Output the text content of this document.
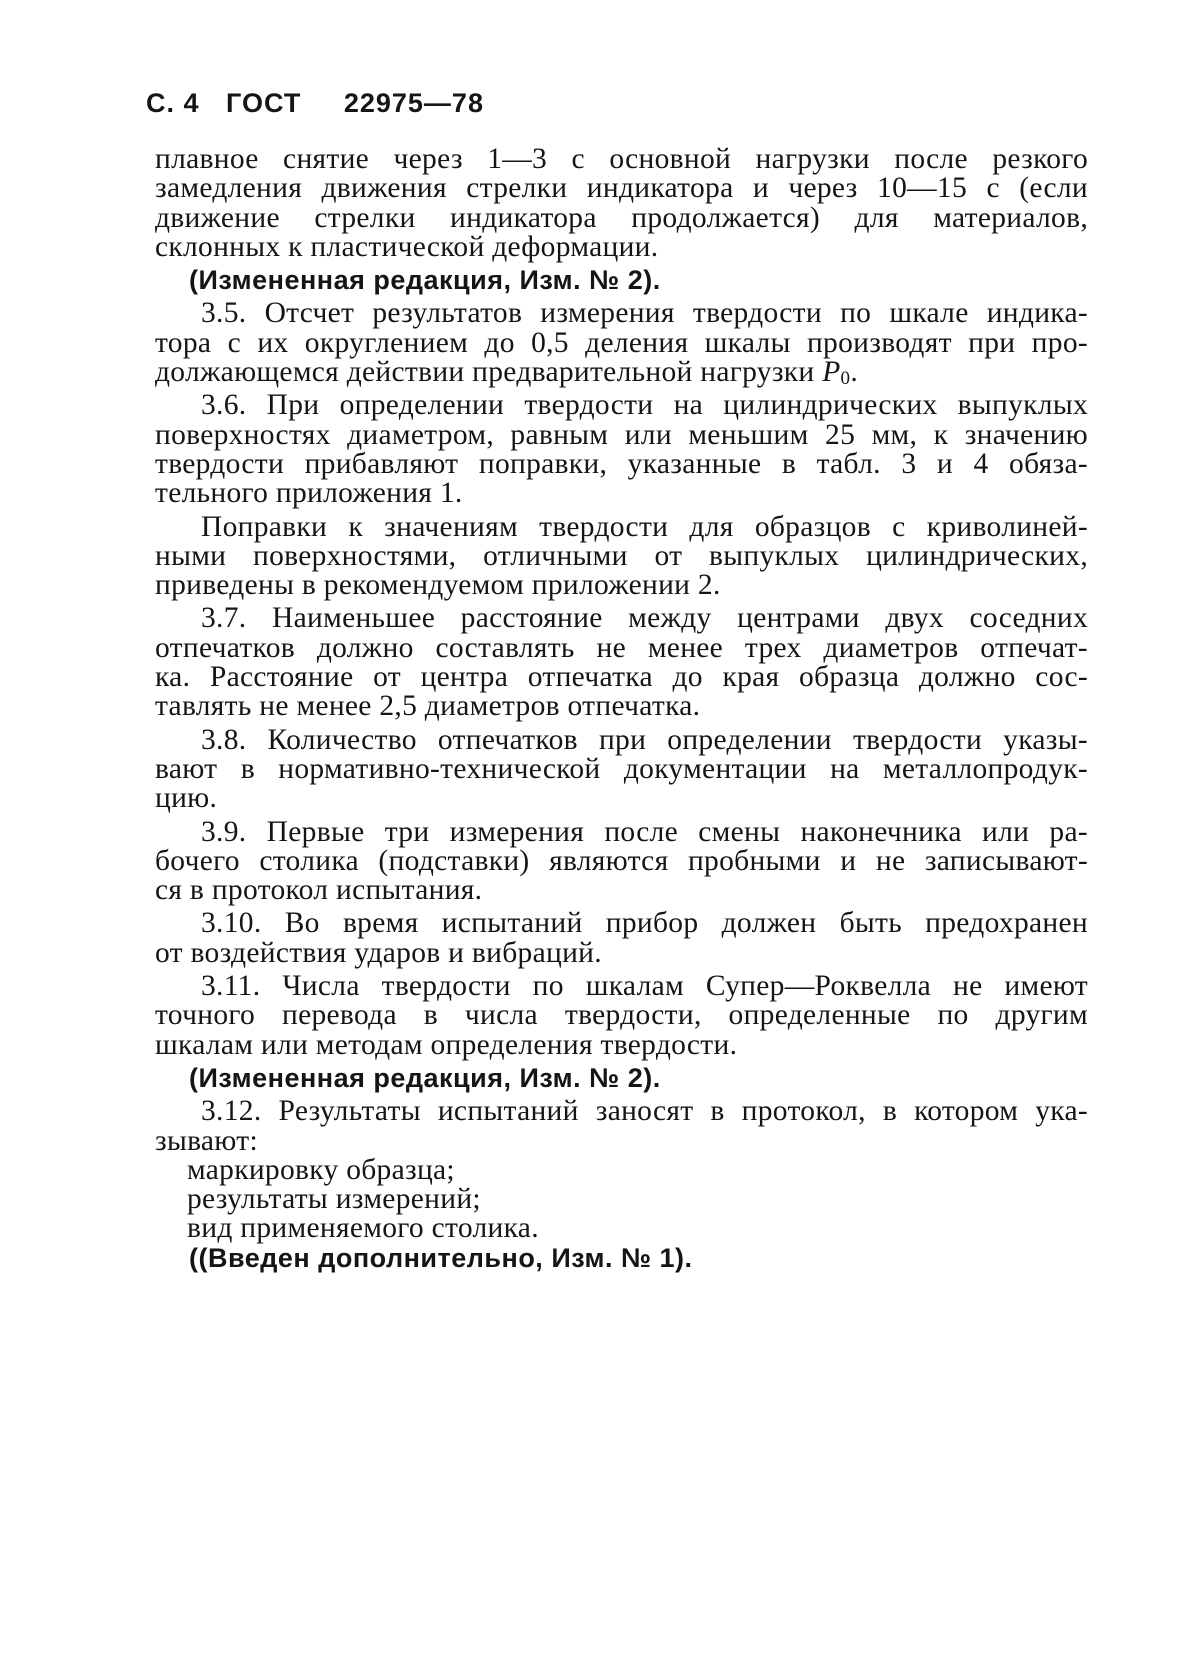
С. 4 ГОСТ 22975—78
плавное снятие через 1—3 с основной нагрузки после резкого
замедления движения стрелки индикатора и через 10—15 с (если
движение стрелки индикатора продолжается) для материалов,
склонных к пластической деформации.
(Измененная редакция, Изм. № 2).
3.5. Отсчет результатов измерения твердости по шкале индика-
тора с их округлением до 0,5 деления шкалы производят при про-
должающемся действии предварительной нагрузки $P_0$.
3.6. При определении твердости на цилиндрических выпуклых
поверхностях диаметром, равным или меньшим 25 мм, к значению
твердости прибавляют поправки, указанные в табл. 3 и 4 обяза-
тельного приложения 1.
Поправки к значениям твердости для образцов с криволиней-
ными поверхностями, отличными от выпуклых цилиндрических,
приведены в рекомендуемом приложении 2.
3.7. Наименьшее расстояние между центрами двух соседних
отпечатков должно составлять не менее трех диаметров отпечат-
ка. Расстояние от центра отпечатка до края образца должно сос-
тавлять не менее 2,5 диаметров отпечатка.
3.8. Количество отпечатков при определении твердости указы-
вают в нормативно-технической документации на металлопродук-
цию.
3.9. Первые три измерения после смены наконечника или ра-
бочего столика (подставки) являются пробными и не записывают-
ся в протокол испытания.
3.10. Во время испытаний прибор должен быть предохранен
от воздействия ударов и вибраций.
3.11. Числа твердости по шкалам Супер—Роквелла не имеют
точного перевода в числа твердости, определенные по другим
шкалам или методам определения твердости.
(Измененная редакция, Изм. № 2).
3.12. Результаты испытаний заносят в протокол, в котором ука-
зывают:
маркировку образца;
результаты измерений;
вид применяемого столика.
((Введен дополнительно, Изм. № 1).
